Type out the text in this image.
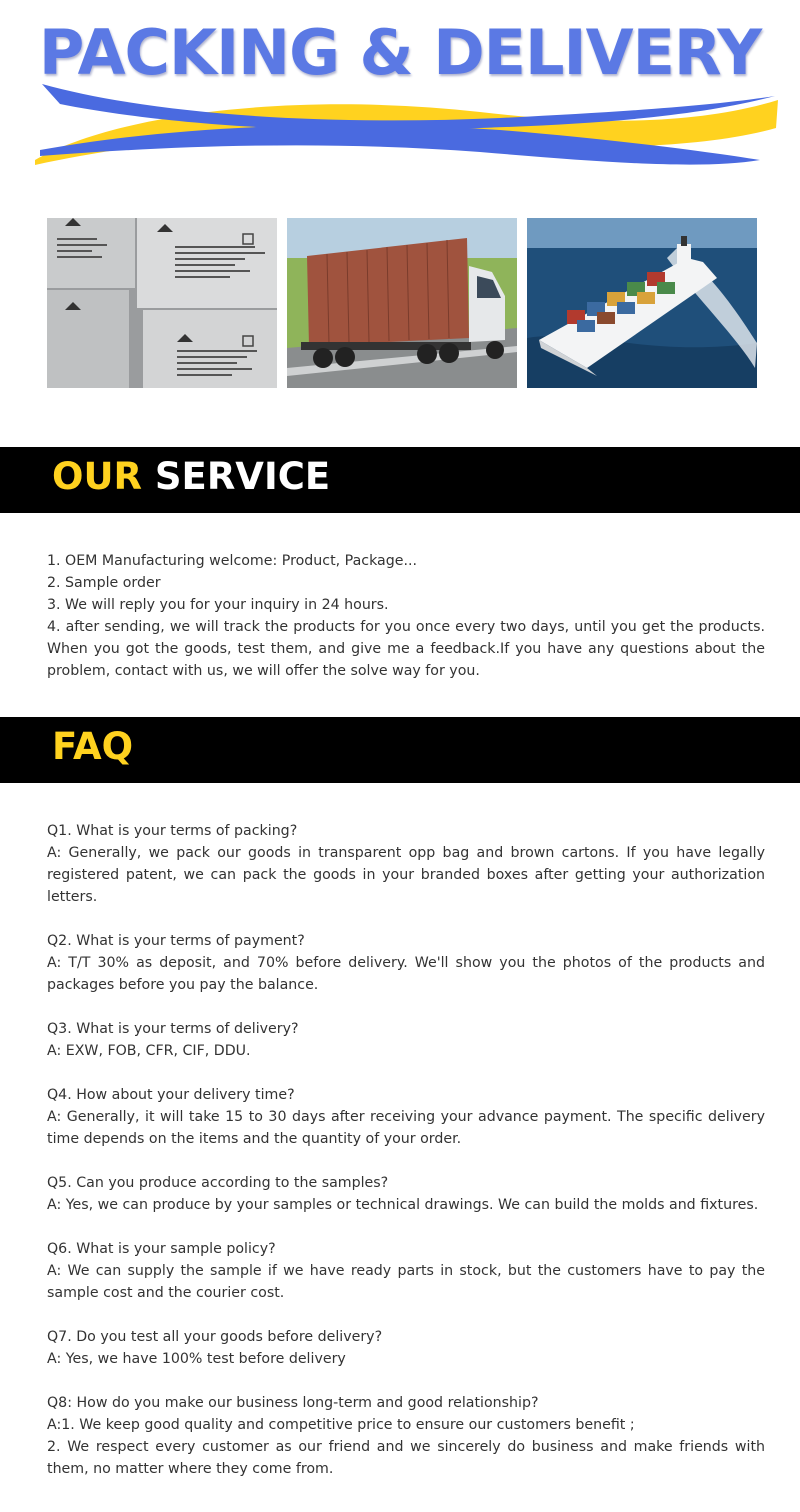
PACKING & DELIVERY
OUR SERVICE
1. OEM Manufacturing welcome: Product, Package...
2. Sample order
3. We will reply you for your inquiry in 24 hours.
4. after sending, we will track the products for you once every two days, until you get the products. When you got the goods, test them, and give me a feedback.If you have any questions about the problem, contact with us, we will offer the solve way for you.
FAQ
Q1. What is your terms of packing?
A: Generally, we pack our goods in transparent opp bag and brown cartons. If you have legally registered patent, we can pack the goods in your branded boxes after getting your authorization letters.
Q2. What is your terms of payment?
A: T/T 30% as deposit, and 70% before delivery. We'll show you the photos of the products and packages before you pay the balance.
Q3. What is your terms of delivery?
A: EXW, FOB, CFR, CIF, DDU.
Q4. How about your delivery time?
A: Generally, it will take 15 to 30 days after receiving your advance payment. The specific delivery time depends on the items and the quantity of your order.
Q5. Can you produce according to the samples?
A: Yes, we can produce by your samples or technical drawings. We can build the molds and fixtures.
Q6. What is your sample policy?
A: We can supply the sample if we have ready parts in stock, but the customers have to pay the sample cost and the courier cost.
Q7. Do you test all your goods before delivery?
A: Yes, we have 100% test before delivery
Q8: How do you make our business long-term and good relationship?
A:1. We keep good quality and competitive price to ensure our customers benefit ;
2. We respect every customer as our friend and we sincerely do business and make friends with them, no matter where they come from.
